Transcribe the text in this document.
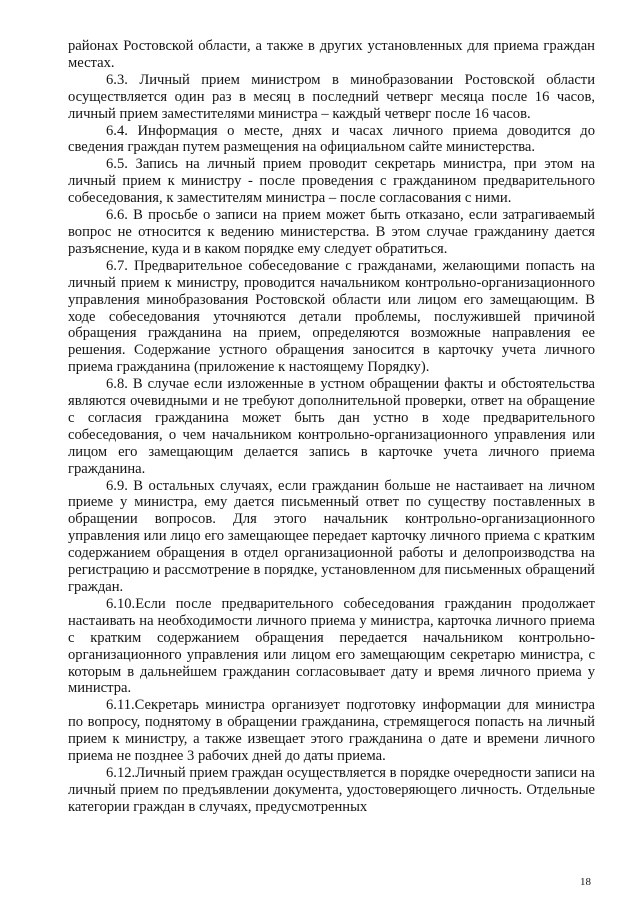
районах Ростовской области, а также в других установленных для приема граждан местах.

6.3. Личный прием министром в минобразовании Ростовской области осуществляется один раз в месяц в последний четверг месяца после 16 часов, личный прием заместителями министра – каждый четверг после 16 часов.

6.4. Информация о месте, днях и часах личного приема доводится до сведения граждан путем размещения на официальном сайте министерства.

6.5. Запись на личный прием проводит секретарь министра, при этом на личный прием к министру - после проведения с гражданином предварительного собеседования, к заместителям министра – после согласования с ними.

6.6. В просьбе о записи на прием может быть отказано, если затрагиваемый вопрос не относится к ведению министерства. В этом случае гражданину дается разъяснение, куда и в каком порядке ему следует обратиться.

6.7. Предварительное собеседование с гражданами, желающими попасть на личный прием к министру, проводится начальником контрольно-организационного управления минобразования Ростовской области или лицом его замещающим. В ходе собеседования уточняются детали проблемы, послужившей причиной обращения гражданина на прием, определяются возможные направления ее решения. Содержание устного обращения заносится в карточку учета личного приема гражданина (приложение к настоящему Порядку).

6.8. В случае если изложенные в устном обращении факты и обстоятельства являются очевидными и не требуют дополнительной проверки, ответ на обращение с согласия гражданина может быть дан устно в ходе предварительного собеседования, о чем начальником контрольно-организационного управления или лицом его замещающим делается запись в карточке учета личного приема гражданина.

6.9. В остальных случаях, если гражданин больше не настаивает на личном приеме у министра, ему дается письменный ответ по существу поставленных в обращении вопросов. Для этого начальник контрольно-организационного управления или лицо его замещающее передает карточку личного приема с кратким содержанием обращения в отдел организационной работы и делопроизводства на регистрацию и рассмотрение в порядке, установленном для письменных обращений граждан.

6.10.Если после предварительного собеседования гражданин продолжает настаивать на необходимости личного приема у министра, карточка личного приема с кратким содержанием обращения передается начальником контрольно-организационного управления или лицом его замещающим секретарю министра, с которым в дальнейшем гражданин согласовывает дату и время личного приема у министра.

6.11.Секретарь министра организует подготовку информации для министра по вопросу, поднятому в обращении гражданина, стремящегося попасть на личный прием к министру, а также извещает этого гражданина о дате и времени личного приема не позднее 3 рабочих дней до даты приема.

6.12.Личный прием граждан осуществляется в порядке очередности записи на личный прием по предъявлении документа, удостоверяющего личность. Отдельные категории граждан в случаях, предусмотренных

18
